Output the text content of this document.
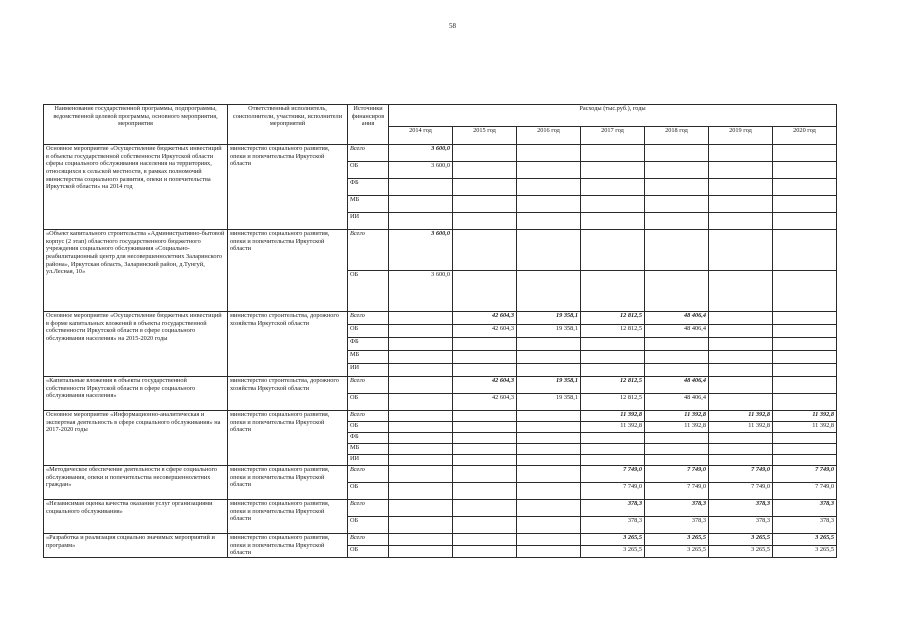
58
Наименование государственной программы, подпрограммы, ведомственной целевой программы, основного мероприятия, мероприятия	Ответственный исполнитель, соисполнители, участники, исполнители мероприятий	Источники финансиров ания	Расходы (тыс.руб.), годы						
			2014 год	2015 год	2016 год	2017 год	2018 год	2019 год	2020 год
Основное мероприятие «Осуществление бюджетных инвестиций в объекты государственной собственности Иркутской области сферы социального обслуживания населения на территориях, относящихся к сельской местности, в рамках полномочий министерства социального развития, опеки и попечительства Иркутской области» на 2014 год	министерство социального развития, опеки и попечительства Иркутской области	Всего	3 600,0						
		ОБ	3 600,0						
		ФБ							
		МБ							
		ИИ							
«Объект капитального строительства «Административно-бытовой корпус (2 этап) областного государственного бюджетного учреждения социального обслуживания «Социально-реабилитационный центр для несовершеннолетних Заларинского района», Иркутская область, Заларинский район, д.Тунгуй, ул.Лесная, 10»	министерство социального развития, опеки и попечительства Иркутской области	Всего	3 600,0						
		ОБ	3 600,0						
Основное мероприятие «Осуществление бюджетных инвестиций в форме капитальных вложений в объекты государственной собственности Иркутской области в сфере социального обслуживания населения» на 2015-2020 годы	министерство строительства, дорожного хозяйства Иркутской области	Всего		42 604,3	19 358,1	12 812,5	48 406,4		
		ОБ		42 604,3	19 358,1	12 812,5	48 406,4		
		ФБ							
		МБ							
		ИИ							
«Капитальные вложения в объекты государственной собственности Иркутской области в сфере социального обслуживания населения»	министерство строительства, дорожного хозяйства Иркутской области	Всего		42 604,3	19 358,1	12 812,5	48 406,4		
		ОБ		42 604,3	19 358,1	12 812,5	48 406,4		
Основное мероприятие «Информационно-аналитическая и экспертная деятельность в сфере социального обслуживания» на 2017-2020 годы	министерство социального развития, опеки и попечительства Иркутской области	Всего				11 392,8	11 392,8	11 392,8	11 392,8
		ОБ				11 392,8	11 392,8	11 392,8	11 392,8
		ФБ							
		МБ							
		ИИ							
«Методическое обеспечение деятельности в сфере социального обслуживания, опеки и попечительства несовершеннолетних граждан»	министерство социального развития, опеки и попечительства Иркутской области	Всего				7 749,0	7 749,0	7 749,0	7 749,0
		ОБ				7 749,0	7 749,0	7 749,0	7 749,0
«Независимая оценка качества оказания услуг организациями социального обслуживания»	министерство социального развития, опеки и попечительства Иркутской области	Всего				378,3	378,3	378,3	378,3
		ОБ				378,3	378,3	378,3	378,3
«Разработка и реализация социально значимых мероприятий и программ»	министерство социального развития, опеки и попечительства Иркутской области	Всего				3 265,5	3 265,5	3 265,5	3 265,5
		ОБ				3 265,5	3 265,5	3 265,5	3 265,5
